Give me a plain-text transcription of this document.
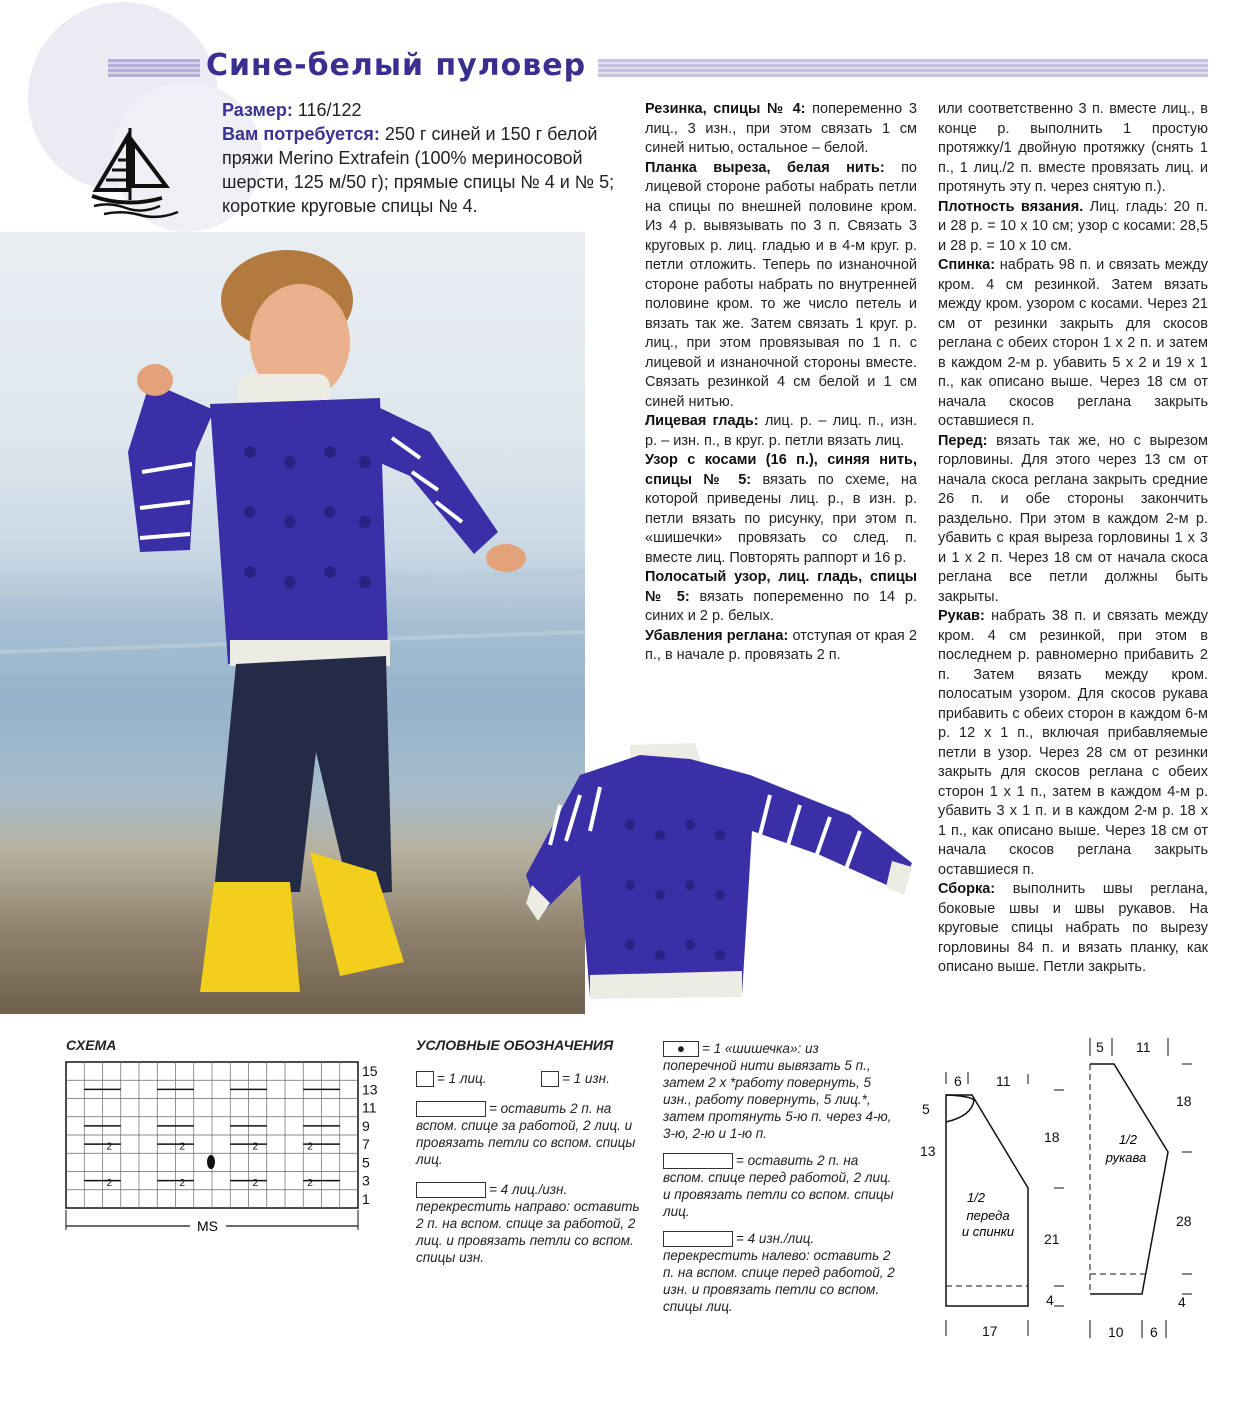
Сине-белый пуловер
Размер: 116/122
Вам потребуется: 250 г синей и 150 г белой пряжи Merino Extrafein (100% мериносовой шерсти, 125 м/50 г); прямые спицы № 4 и № 5; короткие круговые спицы № 4.

Резинка, спицы № 4: попеременно 3 лиц., 3 изн., при этом связать 1 см синей нитью, остальное – белой.

Планка выреза, белая нить: по лицевой стороне работы набрать петли на спицы по внешней половине кром. Из 4 р. вывязывать по 3 п. Связать 3 круговых р. лиц. гладью и в 4-м круг. р. петли отложить. Теперь по изнаночной стороне работы набрать по внутренней половине кром. то же число петель и вязать так же. Затем связать 1 круг. р. лиц., при этом провязывая по 1 п. с лицевой и изнаночной стороны вместе. Связать резинкой 4 см белой и 1 см синей нитью.

Лицевая гладь: лиц. р. – лиц. п., изн. р. – изн. п., в круг. р. петли вязать лиц.

Узор с косами (16 п.), синяя нить, спицы № 5: вязать по схеме, на которой приведены лиц. р., в изн. р. петли вязать по рисунку, при этом п. «шишечки» провязать со след. п. вместе лиц. Повторять раппорт и 16 р.

Полосатый узор, лиц. гладь, спицы № 5: вязать попеременно по 14 р. синих и 2 р. белых.

Убавления реглана: отступая от края 2 п., в начале р. провязать 2 п.

или соответственно 3 п. вместе лиц., в конце р. выполнить 1 простую протяжку/1 двойную протяжку (снять 1 п., 1 лиц./2 п. вместе провязать лиц. и протянуть эту п. через снятую п.).

Плотность вязания. Лиц. гладь: 20 п. и 28 р. = 10 x 10 см; узор с косами: 28,5 и 28 р. = 10 x 10 см.

Спинка: набрать 98 п. и связать между кром. 4 см резинкой. Затем вязать между кром. узором с косами. Через 21 см от резинки закрыть для скосов реглана с обеих сторон 1 x 2 п. и затем в каждом 2-м р. убавить 5 x 2 и 19 x 1 п., как описано выше. Через 18 см от начала скосов реглана закрыть оставшиеся п.

Перед: вязать так же, но с вырезом горловины. Для этого через 13 см от начала скоса реглана закрыть средние 26 п. и обе стороны закончить раздельно. При этом в каждом 2-м р. убавить с края выреза горловины 1 x 3 и 1 x 2 п. Через 18 см от начала скоса реглана все петли должны быть закрыты.

Рукав: набрать 38 п. и связать между кром. 4 см резинкой, при этом в последнем р. равномерно прибавить 2 п. Затем вязать между кром. полосатым узором. Для скосов рукава прибавить с обеих сторон в каждом 6-м р. 12 x 1 п., включая прибавляемые петли в узор. Через 28 см от резинки закрыть для скосов реглана с обеих сторон 1 x 1 п., затем в каждом 4-м р. убавить 3 x 1 п. и в каждом 2-м р. 18 x 1 п., как описано выше. Через 18 см от начала скосов реглана закрыть оставшиеся п.

Сборка: выполнить швы реглана, боковые швы и швы рукавов. На круговые спицы набрать по вырезу горловины 84 п. и вязать планку, как описано выше. Петли закрыть.

СХЕМА
MS
15
13
11
9
7
5
3
1
2	2	2	2
2	2	2	2
УСЛОВНЫЕ ОБОЗНАЧЕНИЯ
= 1 лиц.	= 1 изн.
= оставить 2 п. на вспом. спице за работой, 2 лиц. и провязать петли со вспом. спицы лиц.
= 4 лиц./изн. перекрестить направо: оставить 2 п. на вспом. спице за работой, 2 лиц. и провязать петли со вспом. спицы изн.
● = 1 «шишечка»: из поперечной нити вывязать 5 п., затем 2 x *работу повернуть, 5 изн., работу повернуть, 5 лиц.*, затем протянуть 5-ю п. через 4-ю, 3-ю, 2-ю и 1-ю п.
= оставить 2 п. на вспом. спице перед работой, 2 лиц. и провязать петли со вспом. спицы лиц.
= 4 изн./лиц. перекрестить налево: оставить 2 п. на вспом. спице перед работой, 2 изн. и провязать петли со вспом. спицы лиц.
1/2
переда
и спинки
6 11
5
13
18
21
4
17
1/2
рукава
5 11
18
28
4
10 6
